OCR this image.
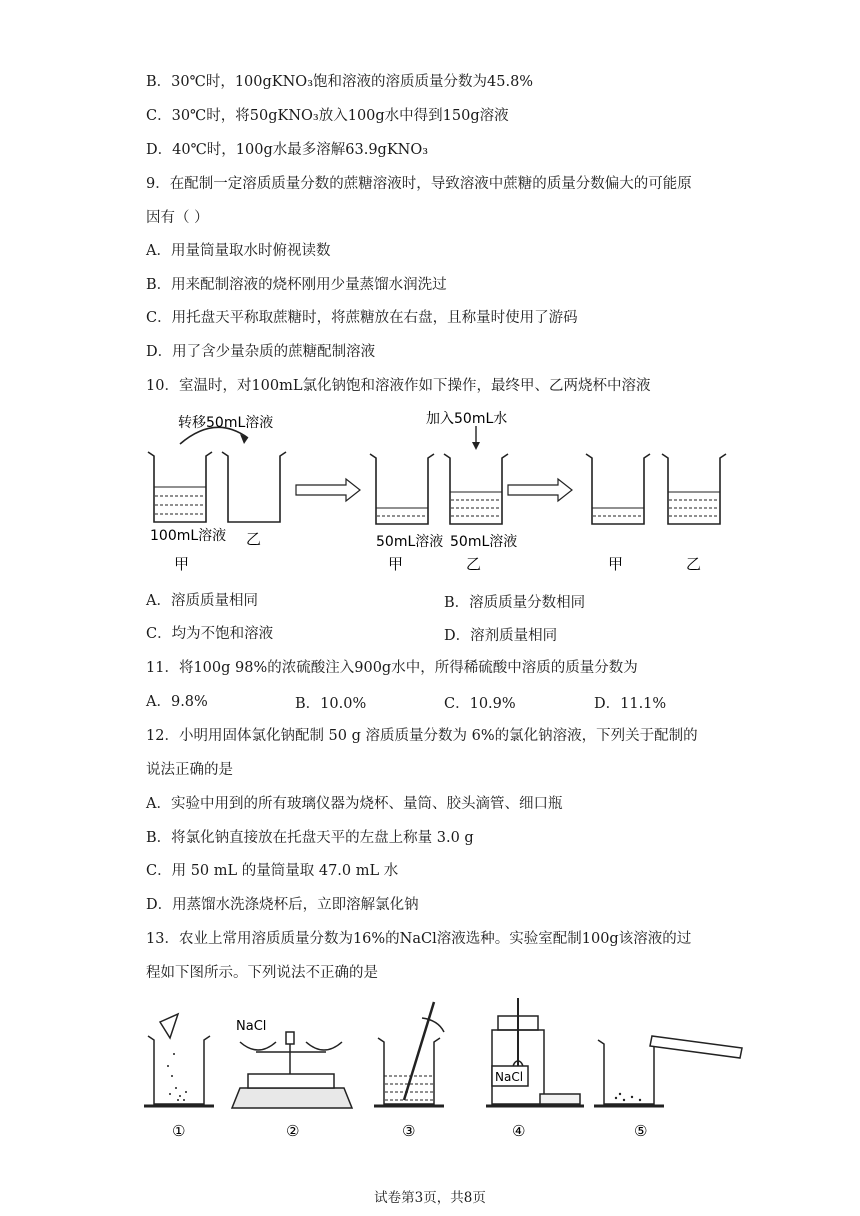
B．30℃时，100gKNO₃饱和溶液的溶质质量分数为45.8%
C．30℃时，将50gKNO₃放入100g水中得到150g溶液
D．40℃时，100g水最多溶解63.9gKNO₃
9．在配制一定溶质质量分数的蔗糖溶液时，导致溶液中蔗糖的质量分数偏大的可能原
因有（ ）
A．用量筒量取水时俯视读数
B．用来配制溶液的烧杯刚用少量蒸馏水润洗过
C．用托盘天平称取蔗糖时，将蔗糖放在右盘，且称量时使用了游码
D．用了含少量杂质的蔗糖配制溶液
10．室温时，对100mL氯化钠饱和溶液作如下操作，最终甲、乙两烧杯中溶液
转移50mL溶液	加入50mL水
100mL溶液	50mL溶液 50mL溶液
甲
乙
甲	乙	甲	乙
A．溶质质量相同	B．溶质质量分数相同
C．均为不饱和溶液	D．溶剂质量相同
11．将100g 98%的浓硫酸注入900g水中，所得稀硫酸中溶质的质量分数为
A．9.8%	B．10.0%	C．10.9%	D．11.1%
12．小明用固体氯化钠配制 50 g 溶质质量分数为 6%的氯化钠溶液，下列关于配制的
说法正确的是
A．实验中用到的所有玻璃仪器为烧杯、量筒、胶头滴管、细口瓶
B．将氯化钠直接放在托盘天平的左盘上称量 3.0 g
C．用 50 mL 的量筒量取 47.0 mL 水
D．用蒸馏水洗涤烧杯后，立即溶解氯化钠
13．农业上常用溶质质量分数为16%的NaCl溶液选种。实验室配制100g该溶液的过
程如下图所示。下列说法不正确的是
NaCl
NaCl
①	②	③	④	⑤
试卷第3页，共8页
